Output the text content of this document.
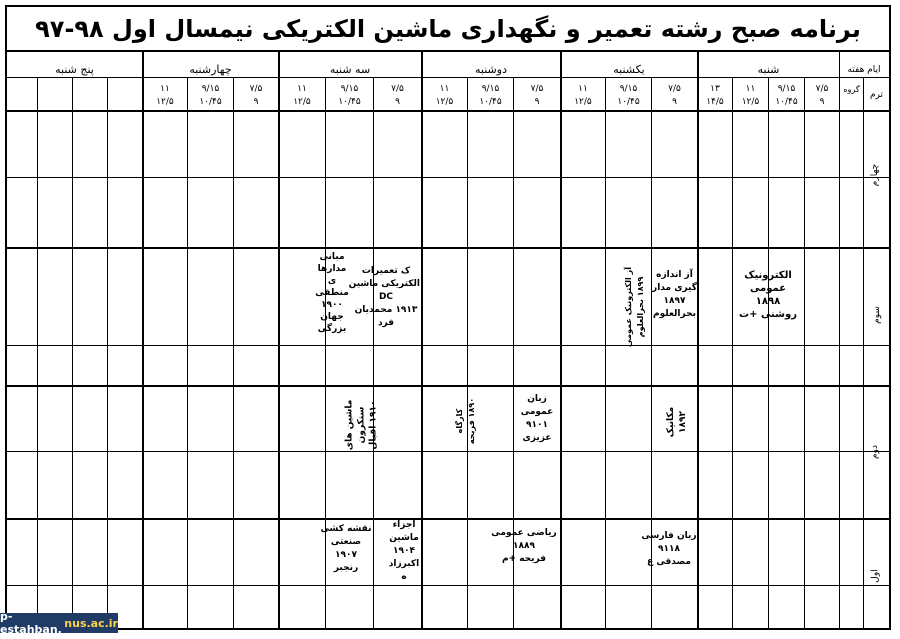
برنامه صبح رشته تعمیر و نگهداری ماشین الکتریکی نیمسال اول ۹۸-۹۷
ایام هفته
شنبه
یکشنبه
دوشنبه
سه شنبه
چهارشنبه
پنج شنبه
ترم
گروه
۷/۵
۹
۹/۱۵
۱۰/۴۵
۱۱
۱۲/۵
۱۳
۱۴/۵
۷/۵
۹
۹/۱۵
۱۰/۴۵
۱۱
۱۲/۵
۷/۵
۹
۹/۱۵
۱۰/۴۵
۱۱
۱۲/۵
۷/۵
۹
۹/۱۵
۱۰/۴۵
۱۱
۱۲/۵
۷/۵
۹
۹/۱۵
۱۰/۴۵
۱۱
۱۲/۵
چهارم
سوم
دوم
اول
الکترونیک
عمومی
۱۸۹۸
روشنی +ت
آز اندازه
گیری مدار
۱۸۹۷
بحرالعلوم
آز الکترونیک عمومی
۱۸۹۹ بحرالعلوم
ک تعمیرات
الکتریکی ماشین
DC
۱۹۱۳ محمدیان
فرد
مبانی
مدارها
ی
منطقی
۱۹۰۰
جهان
بزرگی
مکانیک
۱۸۹۲
زبان
عمومی
۹۱۰۱
عزیزی
کارگاه
۱۸۹۰ فریحه
ماشین های
سنکرون
۱۹۱۰ اقبال
زبان فارسی
۹۱۱۸
مصدقی ع
ریاضی عمومی
۱۸۸۹
فریحه +م
اجزاء
ماشین
۱۹۰۴
اکبرزاد
ه
نقشه کشی
صنعتی
۱۹۰۷
رنجبر
p-estahban. nus.ac.ir
